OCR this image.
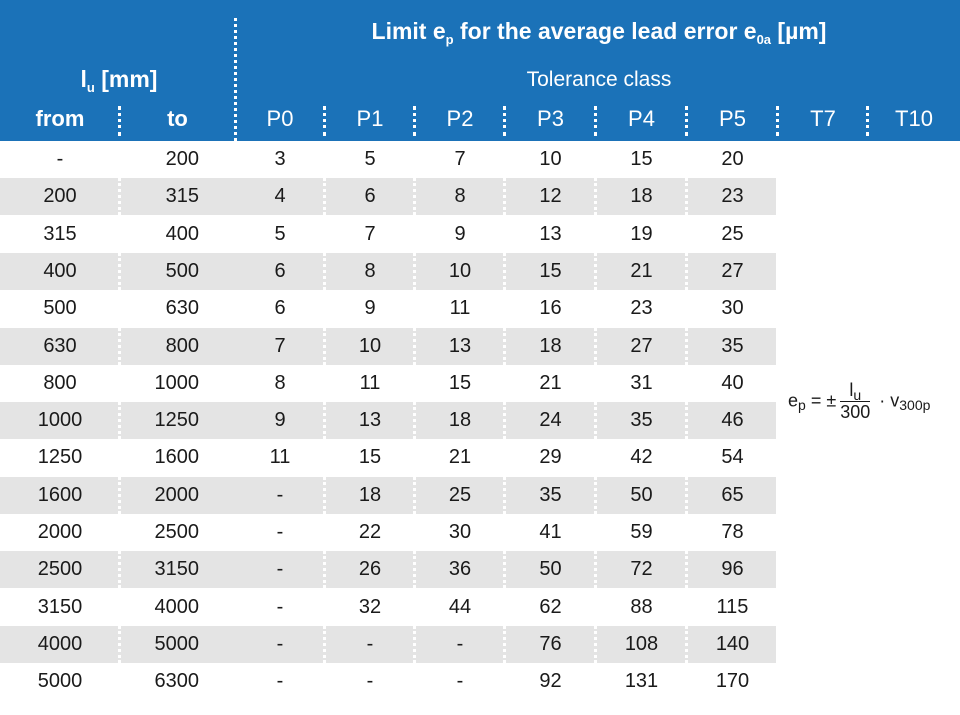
Limit $e_p$ for the average lead error $e_{0a}$ [µm]
Tolerance class
$l_u$ [mm]
from	to	P0	P1	P2	P3	P4	P5	T7	T10
-	200	3	5	7	10	15	20
200	315	4	6	8	12	18	23
315	400	5	7	9	13	19	25
400	500	6	8	10	15	21	27
500	630	6	9	11	16	23	30
630	800	7	10	13	18	27	35
800	1000	8	11	15	21	31	40
1000	1250	9	13	18	24	35	46
1250	1600	11	15	21	29	42	54
1600	2000	-	18	25	35	50	65
2000	2500	-	22	30	41	59	78
2500	3150	-	26	36	50	72	96
3150	4000	-	32	44	62	88	115
4000	5000	-	-	-	76	108	140
5000	6300	-	-	-	92	131	170
$e_p$ = ± $\frac{l_u}{300} \cdot v_{300p}$
